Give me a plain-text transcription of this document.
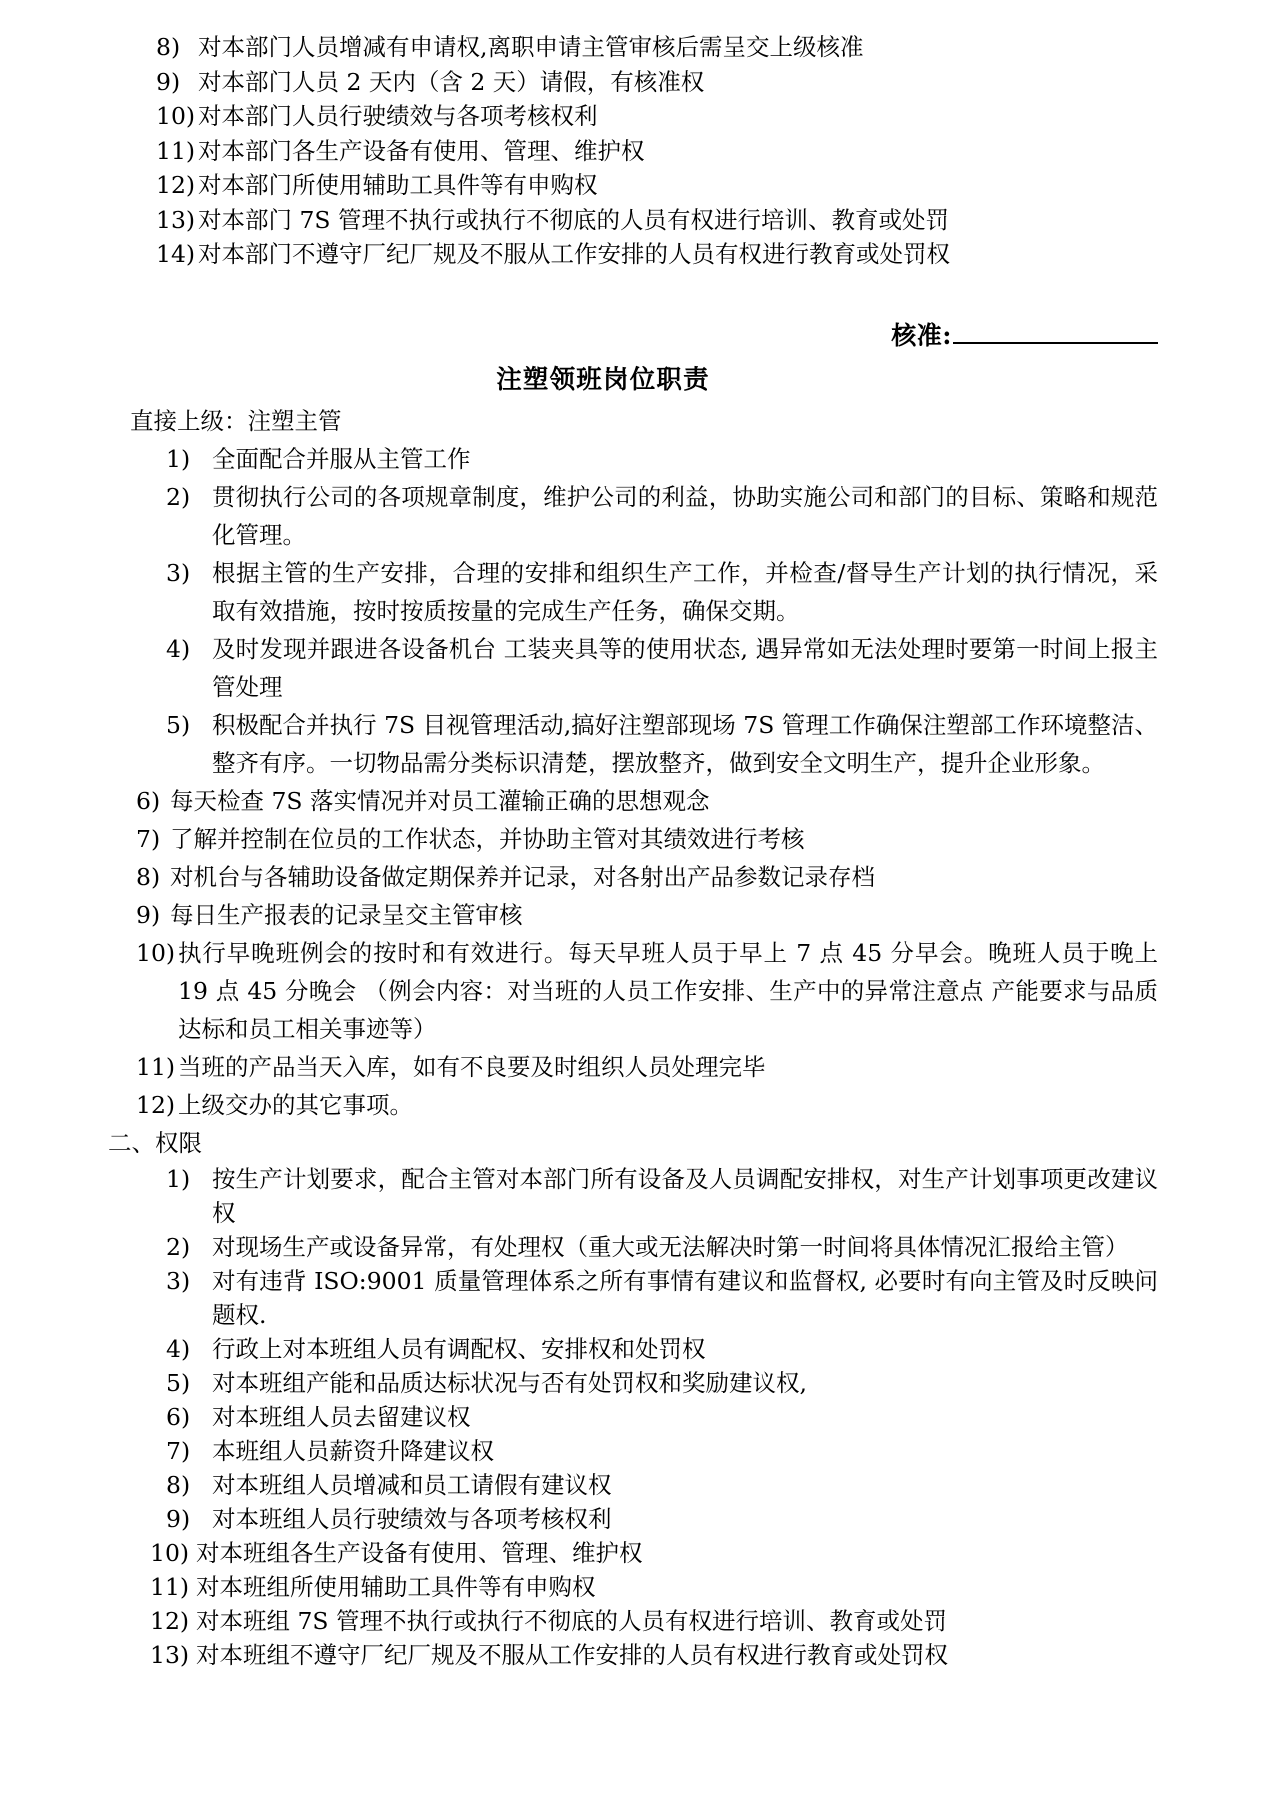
8) 对本部门人员增减有申请权,离职申请主管审核后需呈交上级核准
9) 对本部门人员 2 天内（含 2 天）请假，有核准权
10) 对本部门人员行驶绩效与各项考核权利
11) 对本部门各生产设备有使用、管理、维护权
12) 对本部门所使用辅助工具件等有申购权
13) 对本部门 7S 管理不执行或执行不彻底的人员有权进行培训、教育或处罚
14) 对本部门不遵守厂纪厂规及不服从工作安排的人员有权进行教育或处罚权
核准:
注塑领班岗位职责
直接上级：注塑主管
1) 全面配合并服从主管工作
2) 贯彻执行公司的各项规章制度，维护公司的利益，协助实施公司和部门的目标、策略和规范化管理。
3) 根据主管的生产安排，合理的安排和组织生产工作，并检查/督导生产计划的执行情况，采取有效措施，按时按质按量的完成生产任务，确保交期。
4) 及时发现并跟进各设备机台 工装夹具等的使用状态, 遇异常如无法处理时要第一时间上报主管处理
5) 积极配合并执行 7S 目视管理活动,搞好注塑部现场 7S 管理工作确保注塑部工作环境整洁、整齐有序。一切物品需分类标识清楚，摆放整齐，做到安全文明生产，提升企业形象。
6) 每天检查 7S 落实情况并对员工灌输正确的思想观念
7) 了解并控制在位员的工作状态，并协助主管对其绩效进行考核
8) 对机台与各辅助设备做定期保养并记录，对各射出产品参数记录存档
9) 每日生产报表的记录呈交主管审核
10) 执行早晚班例会的按时和有效进行。每天早班人员于早上 7 点 45 分早会。晚班人员于晚上 19 点 45 分晚会 （例会内容：对当班的人员工作安排、生产中的异常注意点 产能要求与品质达标和员工相关事迹等）
11) 当班的产品当天入库，如有不良要及时组织人员处理完毕
12) 上级交办的其它事项。
二、权限
1) 按生产计划要求，配合主管对本部门所有设备及人员调配安排权，对生产计划事项更改建议权
2) 对现场生产或设备异常，有处理权（重大或无法解决时第一时间将具体情况汇报给主管）
3) 对有违背 ISO:9001 质量管理体系之所有事情有建议和监督权, 必要时有向主管及时反映问题权.
4) 行政上对本班组人员有调配权、安排权和处罚权
5) 对本班组产能和品质达标状况与否有处罚权和奖励建议权,
6) 对本班组人员去留建议权
7) 本班组人员薪资升降建议权
8) 对本班组人员增减和员工请假有建议权
9) 对本班组人员行驶绩效与各项考核权利
10) 对本班组各生产设备有使用、管理、维护权
11) 对本班组所使用辅助工具件等有申购权
12) 对本班组 7S 管理不执行或执行不彻底的人员有权进行培训、教育或处罚
13) 对本班组不遵守厂纪厂规及不服从工作安排的人员有权进行教育或处罚权
